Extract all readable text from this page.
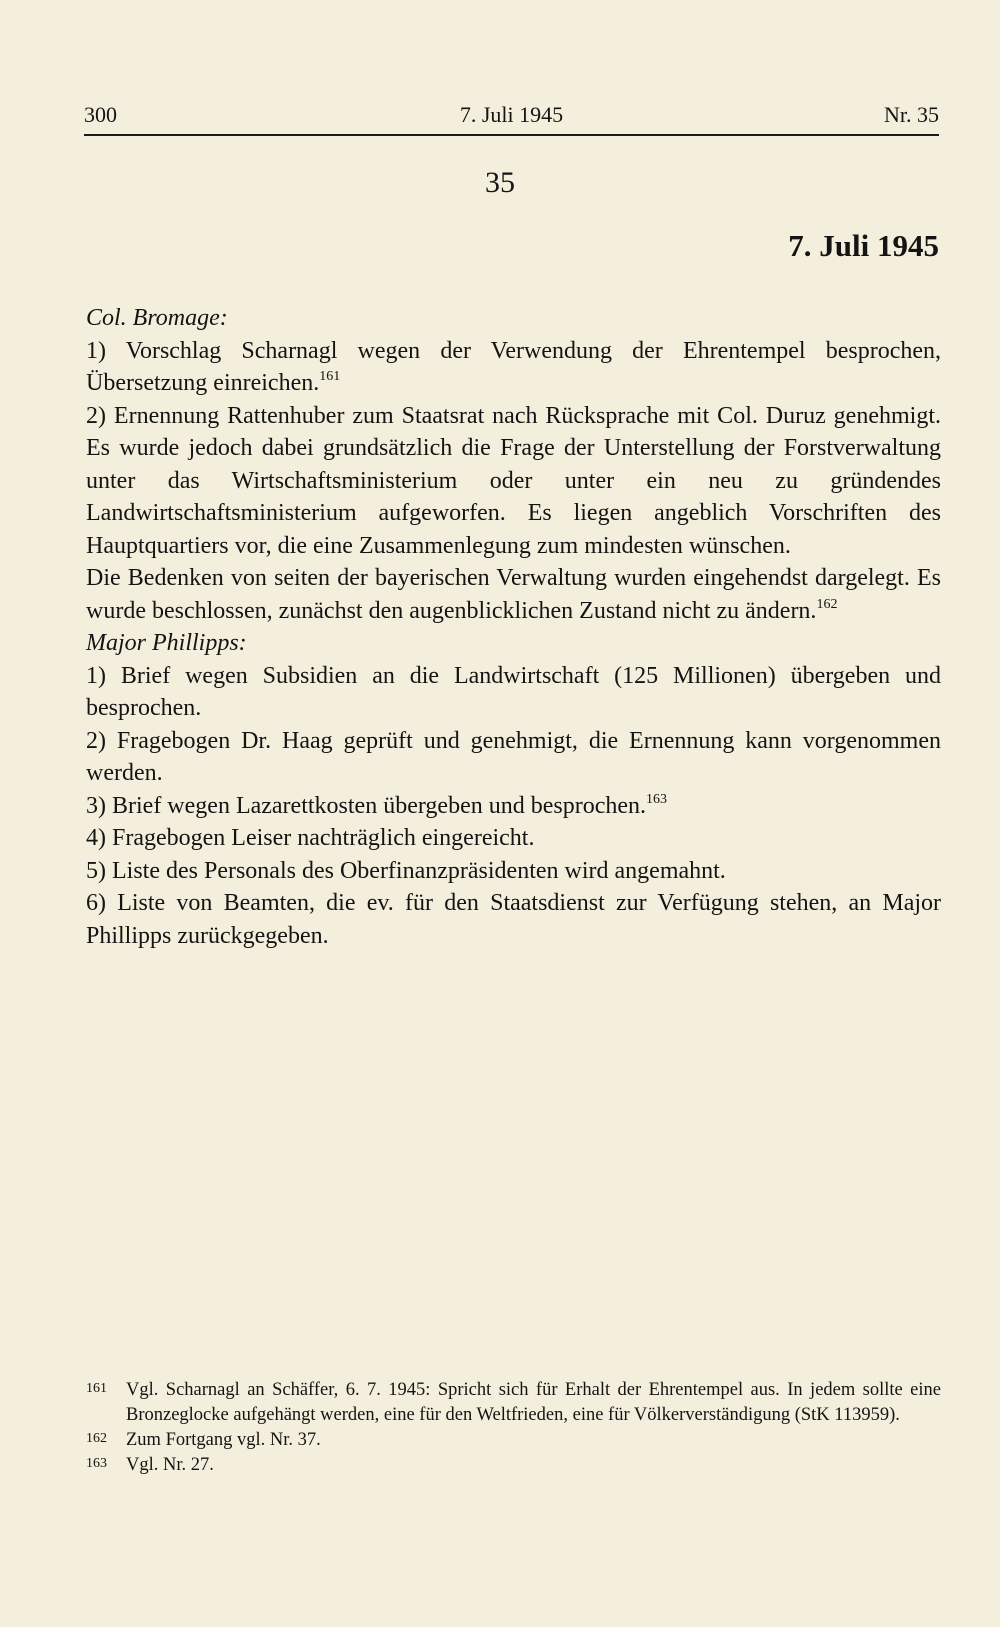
300	7. Juli 1945	Nr. 35
35
7. Juli 1945

Col. Bromage:

1) Vorschlag Scharnagl wegen der Verwendung der Ehrentempel besprochen, Übersetzung einreichen.$^{161}$

2) Ernennung Rattenhuber zum Staatsrat nach Rücksprache mit Col. Duruz genehmigt. Es wurde jedoch dabei grundsätzlich die Frage der Unterstellung der Forstverwaltung unter das Wirtschaftsministerium oder unter ein neu zu gründendes Landwirtschaftsministerium aufgeworfen. Es liegen angeblich Vorschriften des Hauptquartiers vor, die eine Zusammenlegung zum mindesten wünschen.

Die Bedenken von seiten der bayerischen Verwaltung wurden eingehendst dargelegt. Es wurde beschlossen, zunächst den augenblicklichen Zustand nicht zu ändern.$^{162}$

Major Phillipps:

1) Brief wegen Subsidien an die Landwirtschaft (125 Millionen) übergeben und besprochen.

2) Fragebogen Dr. Haag geprüft und genehmigt, die Ernennung kann vorgenommen werden.

3) Brief wegen Lazarettkosten übergeben und besprochen.$^{163}$

4) Fragebogen Leiser nachträglich eingereicht.

5) Liste des Personals des Oberfinanzpräsidenten wird angemahnt.

6) Liste von Beamten, die ev. für den Staatsdienst zur Verfügung stehen, an Major Phillipps zurückgegeben.

161 Vgl. Scharnagl an Schäffer, 6. 7. 1945: Spricht sich für Erhalt der Ehrentempel aus. In jedem sollte eine Bronzeglocke aufgehängt werden, eine für den Weltfrieden, eine für Völkerverständigung (StK 113959).

162 Zum Fortgang vgl. Nr. 37.

163 Vgl. Nr. 27.
